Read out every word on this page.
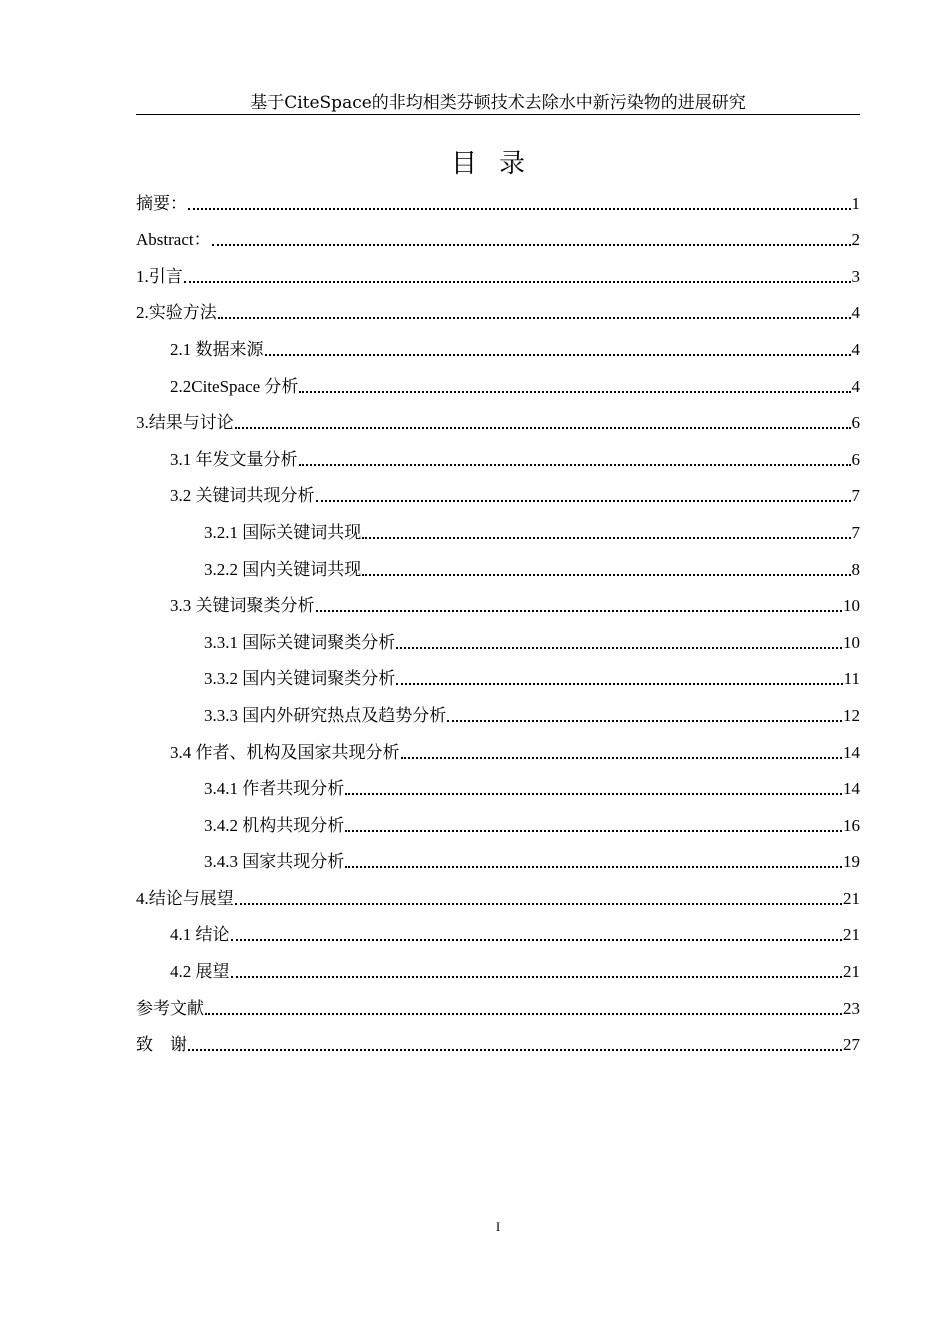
基于CiteSpace的非均相类芬顿技术去除水中新污染物的进展研究
目录
摘要：	1
Abstract：	2
1.引言	3
2.实验方法	4
2.1 数据来源	4
2.2CiteSpace 分析	4
3.结果与讨论	6
3.1 年发文量分析	6
3.2 关键词共现分析	7
3.2.1 国际关键词共现	7
3.2.2 国内关键词共现	8
3.3 关键词聚类分析	10
3.3.1 国际关键词聚类分析	10
3.3.2 国内关键词聚类分析	11
3.3.3 国内外研究热点及趋势分析	12
3.4 作者、机构及国家共现分析	14
3.4.1 作者共现分析	14
3.4.2 机构共现分析	16
3.4.3 国家共现分析	19
4.结论与展望	21
4.1 结论	21
4.2 展望	21
参考文献	23
致　谢	27
I
